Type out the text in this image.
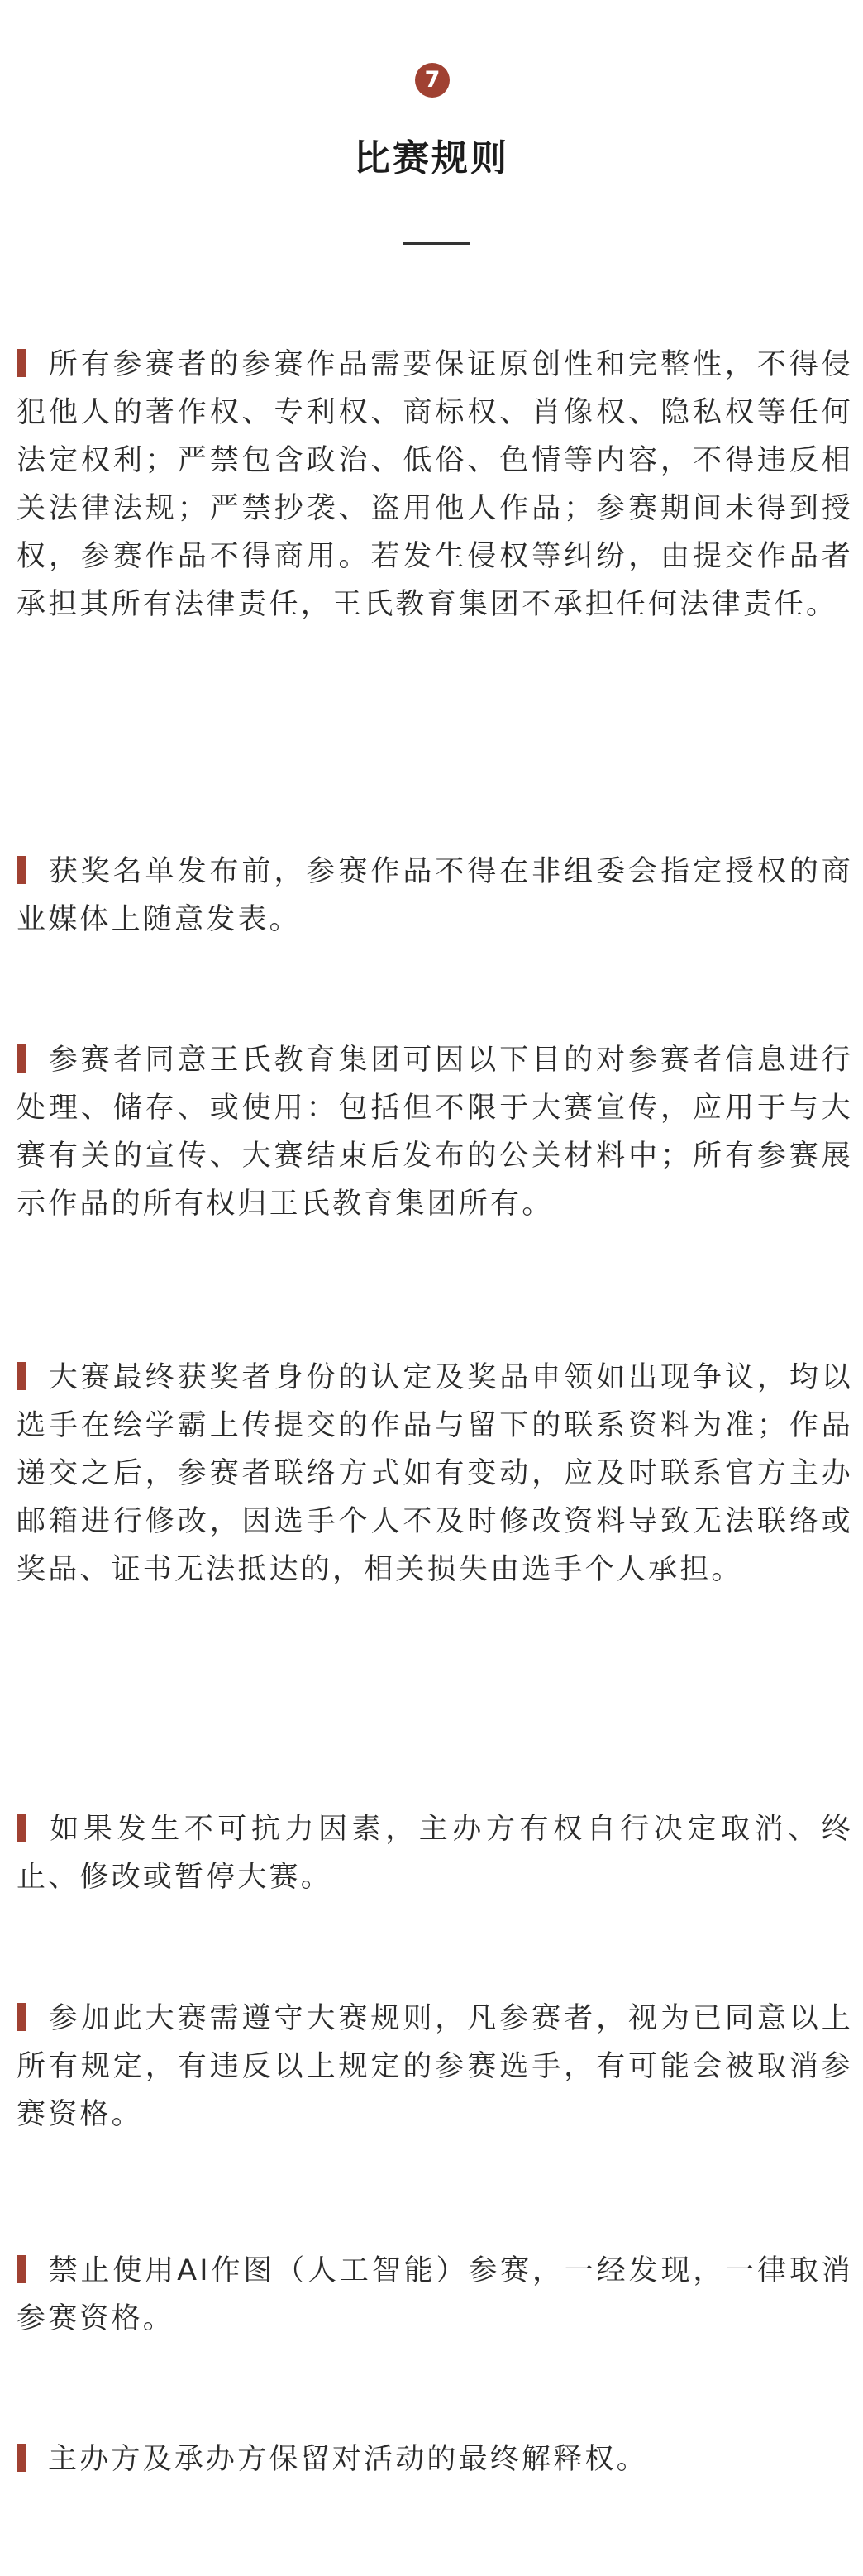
7
比赛规则

所有参赛者的参赛作品需要保证原创性和完整性，不得侵犯他人的著作权、专利权、商标权、肖像权、隐私权等任何法定权利；严禁包含政治、低俗、色情等内容，不得违反相关法律法规；严禁抄袭、盗用他人作品；参赛期间未得到授权，参赛作品不得商用。若发生侵权等纠纷，由提交作品者承担其所有法律责任，王氏教育集团不承担任何法律责任。

获奖名单发布前，参赛作品不得在非组委会指定授权的商业媒体上随意发表。

参赛者同意王氏教育集团可因以下目的对参赛者信息进行处理、储存、或使用：包括但不限于大赛宣传，应用于与大赛有关的宣传、大赛结束后发布的公关材料中；所有参赛展示作品的所有权归王氏教育集团所有。

大赛最终获奖者身份的认定及奖品申领如出现争议，均以选手在绘学霸上传提交的作品与留下的联系资料为准；作品递交之后，参赛者联络方式如有变动，应及时联系官方主办邮箱进行修改，因选手个人不及时修改资料导致无法联络或奖品、证书无法抵达的，相关损失由选手个人承担。

如果发生不可抗力因素，主办方有权自行决定取消、终止、修改或暂停大赛。

参加此大赛需遵守大赛规则，凡参赛者，视为已同意以上所有规定，有违反以上规定的参赛选手，有可能会被取消参赛资格。

禁止使用AI作图（人工智能）参赛，一经发现，一律取消参赛资格。

主办方及承办方保留对活动的最终解释权。
